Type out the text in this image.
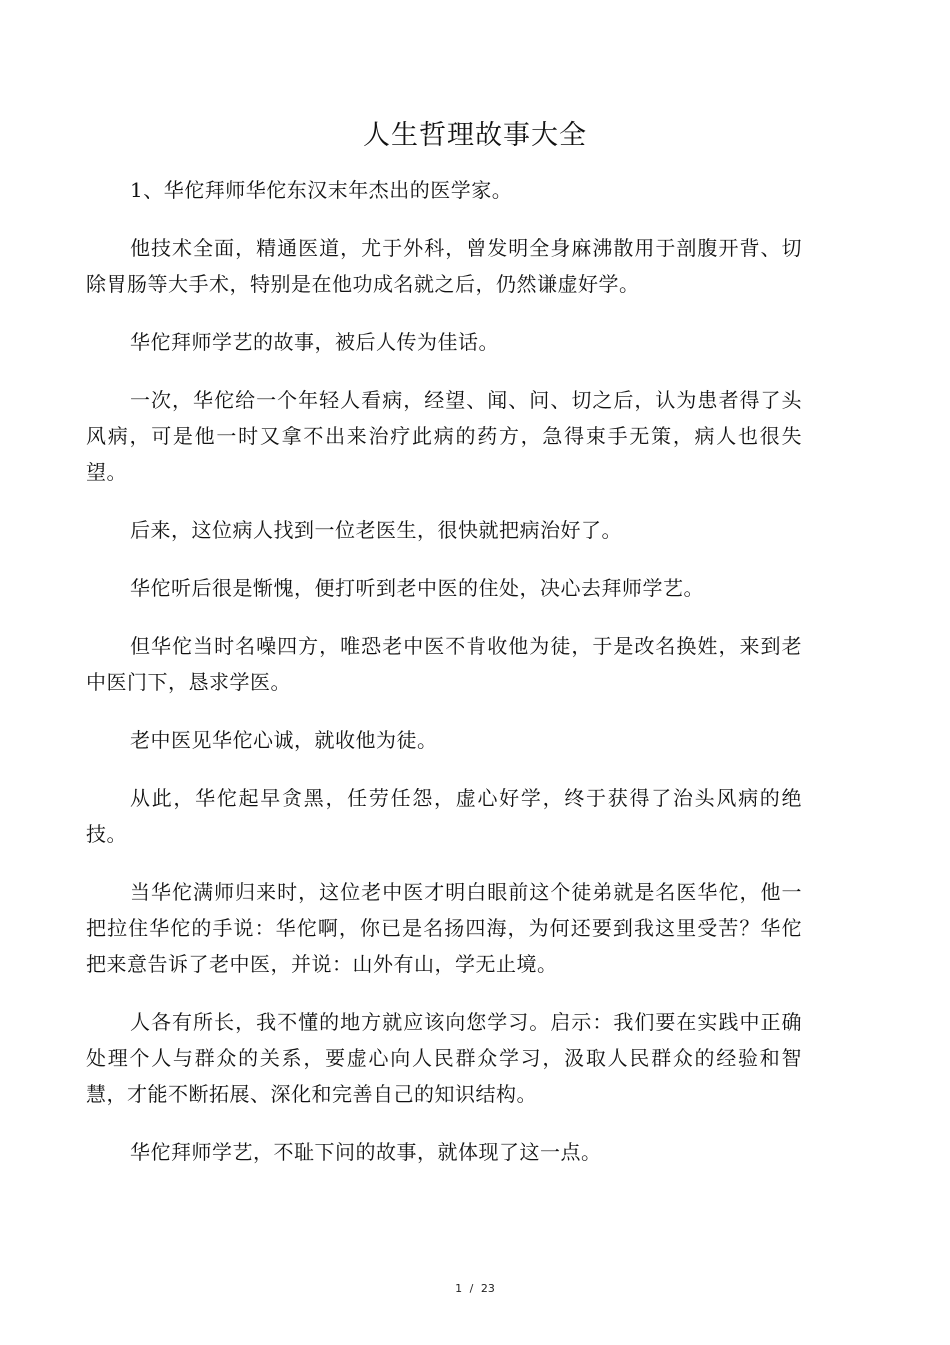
人生哲理故事大全

1、华佗拜师华佗东汉末年杰出的医学家。

他技术全面，精通医道，尤于外科，曾发明全身麻沸散用于剖腹开背、切除胃肠等大手术，特别是在他功成名就之后，仍然谦虚好学。

华佗拜师学艺的故事，被后人传为佳话。

一次，华佗给一个年轻人看病，经望、闻、问、切之后，认为患者得了头风病，可是他一时又拿不出来治疗此病的药方，急得束手无策，病人也很失望。

后来，这位病人找到一位老医生，很快就把病治好了。

华佗听后很是惭愧，便打听到老中医的住处，决心去拜师学艺。

但华佗当时名噪四方，唯恐老中医不肯收他为徒，于是改名换姓，来到老中医门下，恳求学医。

老中医见华佗心诚，就收他为徒。

从此，华佗起早贪黑，任劳任怨，虚心好学，终于获得了治头风病的绝技。

当华佗满师归来时，这位老中医才明白眼前这个徒弟就是名医华佗，他一把拉住华佗的手说：华佗啊，你已是名扬四海，为何还要到我这里受苦？华佗把来意告诉了老中医，并说：山外有山，学无止境。

人各有所长，我不懂的地方就应该向您学习。启示：我们要在实践中正确处理个人与群众的关系，要虚心向人民群众学习，汲取人民群众的经验和智慧，才能不断拓展、深化和完善自己的知识结构。

华佗拜师学艺，不耻下问的故事，就体现了这一点。

1 / 23
